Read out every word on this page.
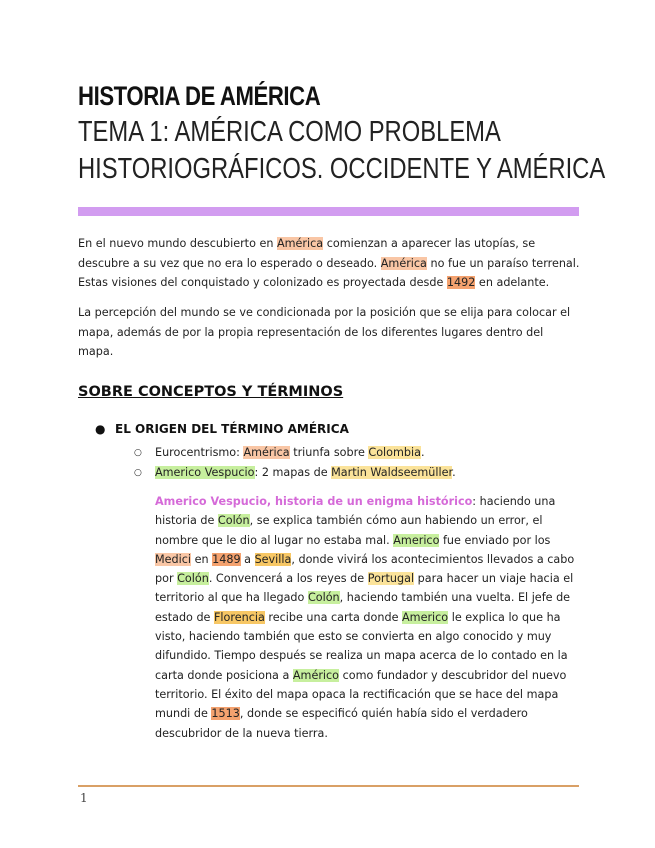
HISTORIA DE AMÉRICA
TEMA 1: AMÉRICA COMO PROBLEMA
HISTORIOGRÁFICOS. OCCIDENTE Y AMÉRICA
En el nuevo mundo descubierto en América comienzan a aparecer las utopías, se descubre a su vez que no era lo esperado o deseado. América no fue un paraíso terrenal. Estas visiones del conquistado y colonizado es proyectada desde 1492 en adelante.
La percepción del mundo se ve condicionada por la posición que se elija para colocar el mapa, además de por la propia representación de los diferentes lugares dentro del mapa.
SOBRE CONCEPTOS Y TÉRMINOS
● EL ORIGEN DEL TÉRMINO AMÉRICA
○ Eurocentrismo: América triunfa sobre Colombia.
○ Americo Vespucio: 2 mapas de Martin Waldseemüller.
Americo Vespucio, historia de un enigma histórico: haciendo una historia de Colón, se explica también cómo aun habiendo un error, el nombre que le dio al lugar no estaba mal. Americo fue enviado por los Medici en 1489 a Sevilla, donde vivirá los acontecimientos llevados a cabo por Colón. Convencerá a los reyes de Portugal para hacer un viaje hacia el territorio al que ha llegado Colón, haciendo también una vuelta. El jefe de estado de Florencia recibe una carta donde Americo le explica lo que ha visto, haciendo también que esto se convierta en algo conocido y muy difundido. Tiempo después se realiza un mapa acerca de lo contado en la carta donde posiciona a Américo como fundador y descubridor del nuevo territorio. El éxito del mapa opaca la rectificación que se hace del mapa mundi de 1513, donde se especificó quién había sido el verdadero descubridor de la nueva tierra.
1
